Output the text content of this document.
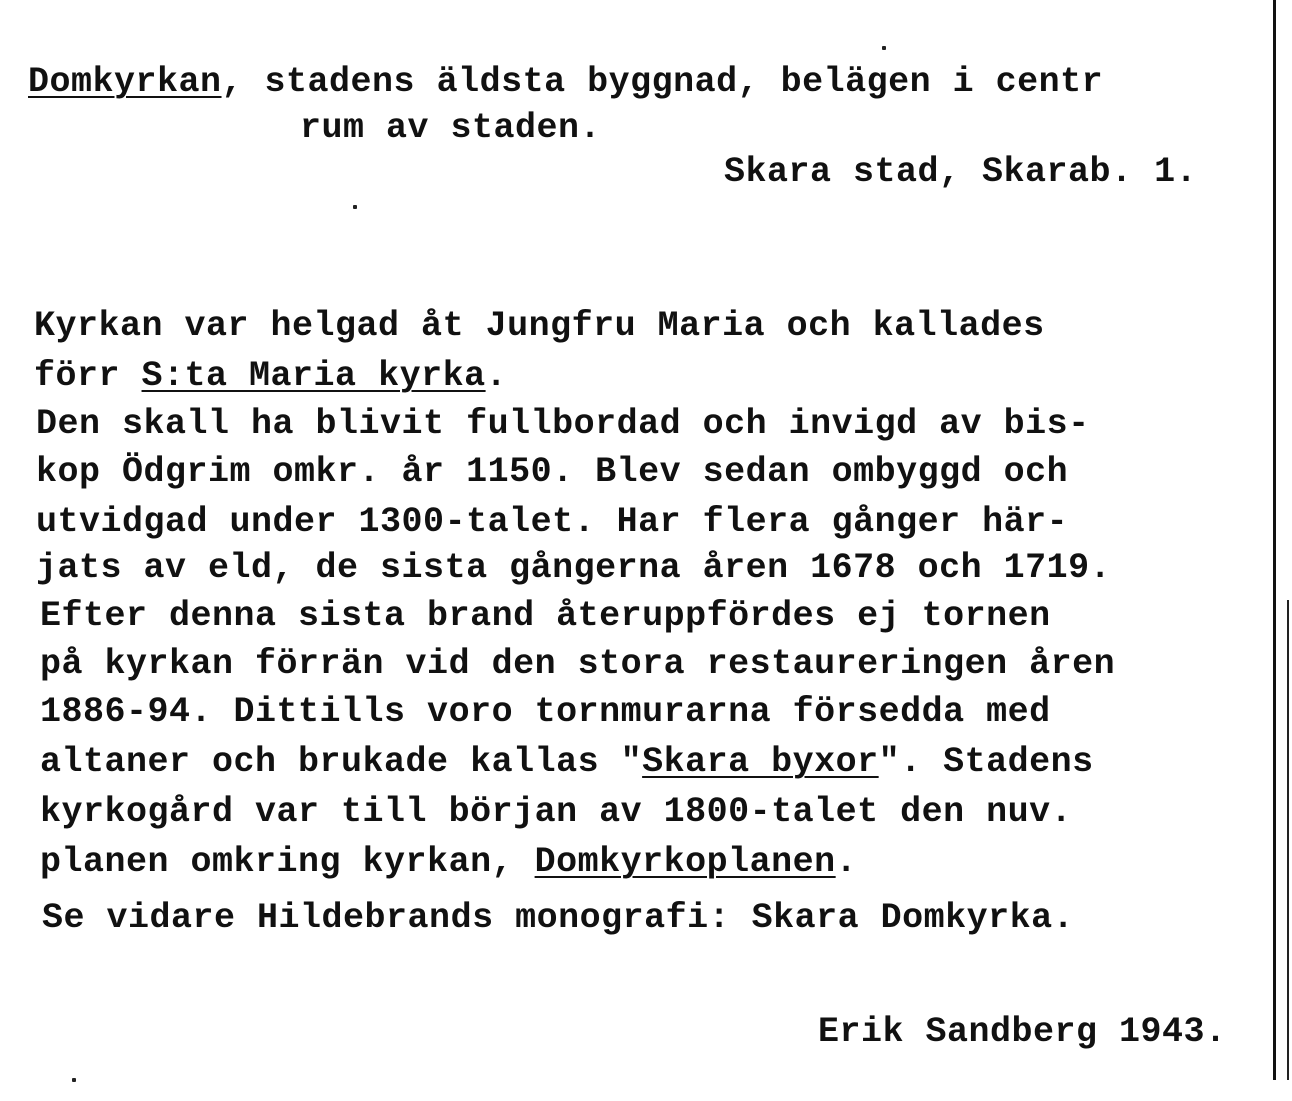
Domkyrkan, stadens äldsta byggnad, belägen i centr
rum av staden.
Skara stad, Skarab. 1.
Kyrkan var helgad åt Jungfru Maria och kallades
förr S:ta Maria kyrka.
Den skall ha blivit fullbordad och invigd av bis-
kop Ödgrim omkr. år 1150. Blev sedan ombyggd och
utvidgad under 1300-talet. Har flera gånger här-
jats av eld, de sista gångerna åren 1678 och 1719.
Efter denna sista brand återuppfördes ej tornen
på kyrkan förrän vid den stora restaureringen åren
1886-94. Dittills voro tornmurarna försedda med
altaner och brukade kallas "Skara byxor". Stadens
kyrkogård var till början av 1800-talet den nuv.
planen omkring kyrkan, Domkyrkoplanen.
Se vidare Hildebrands monografi: Skara Domkyrka.
Erik Sandberg 1943.
